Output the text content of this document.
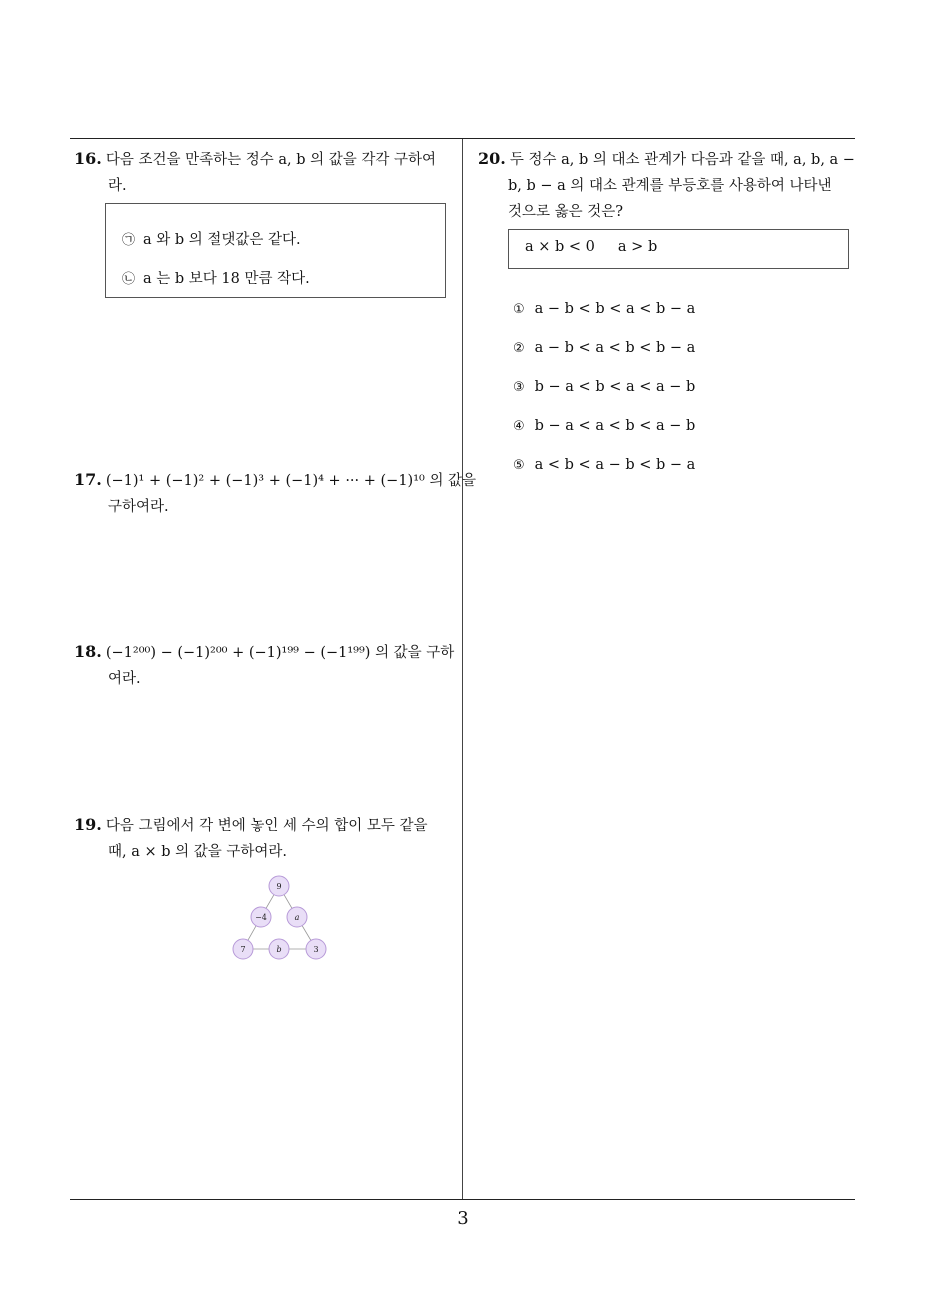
16. 다음 조건을 만족하는 정수 a, b 의 값을 각각 구하여
라.
㉠ a 와 b 의 절댓값은 같다.
㉡ a 는 b 보다 18 만큼 작다.
17. (−1)¹ + (−1)² + (−1)³ + (−1)⁴ + ··· + (−1)¹⁰ 의 값을
구하여라.
18. (−1²⁰⁰) − (−1)²⁰⁰ + (−1)¹⁹⁹ − (−1¹⁹⁹) 의 값을 구하
여라.
19. 다음 그림에서 각 변에 놓인 세 수의 합이 모두 같을
때, a × b 의 값을 구하여라.
9
−4	a
7	b	3
20. 두 정수 a, b 의 대소 관계가 다음과 같을 때, a, b, a −
b, b − a 의 대소 관계를 부등호를 사용하여 나타낸
것으로 옳은 것은?
a × b < 0     a > b
① a − b < b < a < b − a
② a − b < a < b < b − a
③ b − a < b < a < a − b
④ b − a < a < b < a − b
⑤ a < b < a − b < b − a
3
